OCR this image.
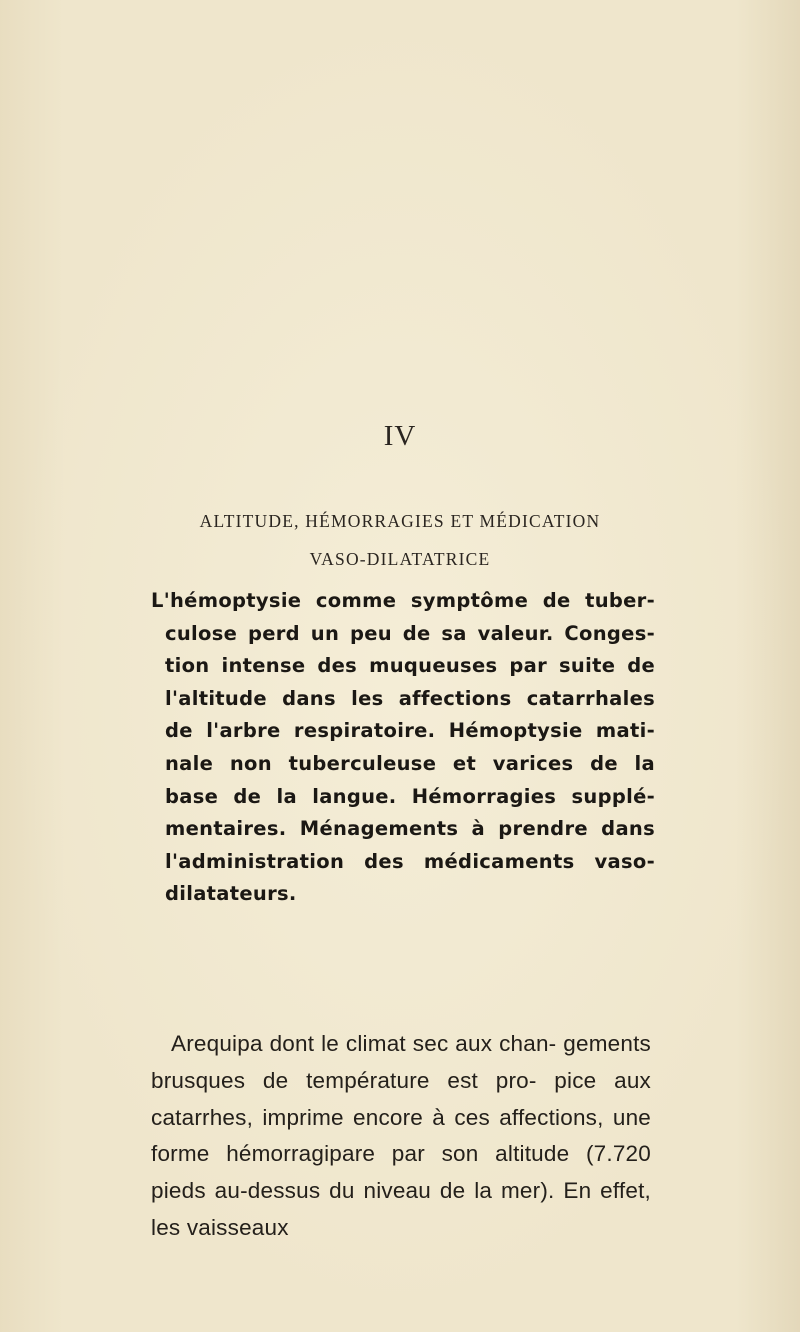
IV
ALTITUDE, HÉMORRAGIES ET MÉDICATION
VASO-DILATATRICE
L'hémoptysie comme symptôme de tuber- culose perd un peu de sa valeur. Conges- tion intense des muqueuses par suite de l'altitude dans les affections catarrhales de l'arbre respiratoire. Hémoptysie mati- nale non tuberculeuse et varices de la base de la langue. Hémorragies supplé- mentaires. Ménagements à prendre dans l'administration des médicaments vaso- dilatateurs.
Arequipa dont le climat sec aux chan- gements brusques de température est pro- pice aux catarrhes, imprime encore à ces affections, une forme hémorragipare par son altitude (7.720 pieds au-dessus du niveau de la mer). En effet, les vaisseaux
